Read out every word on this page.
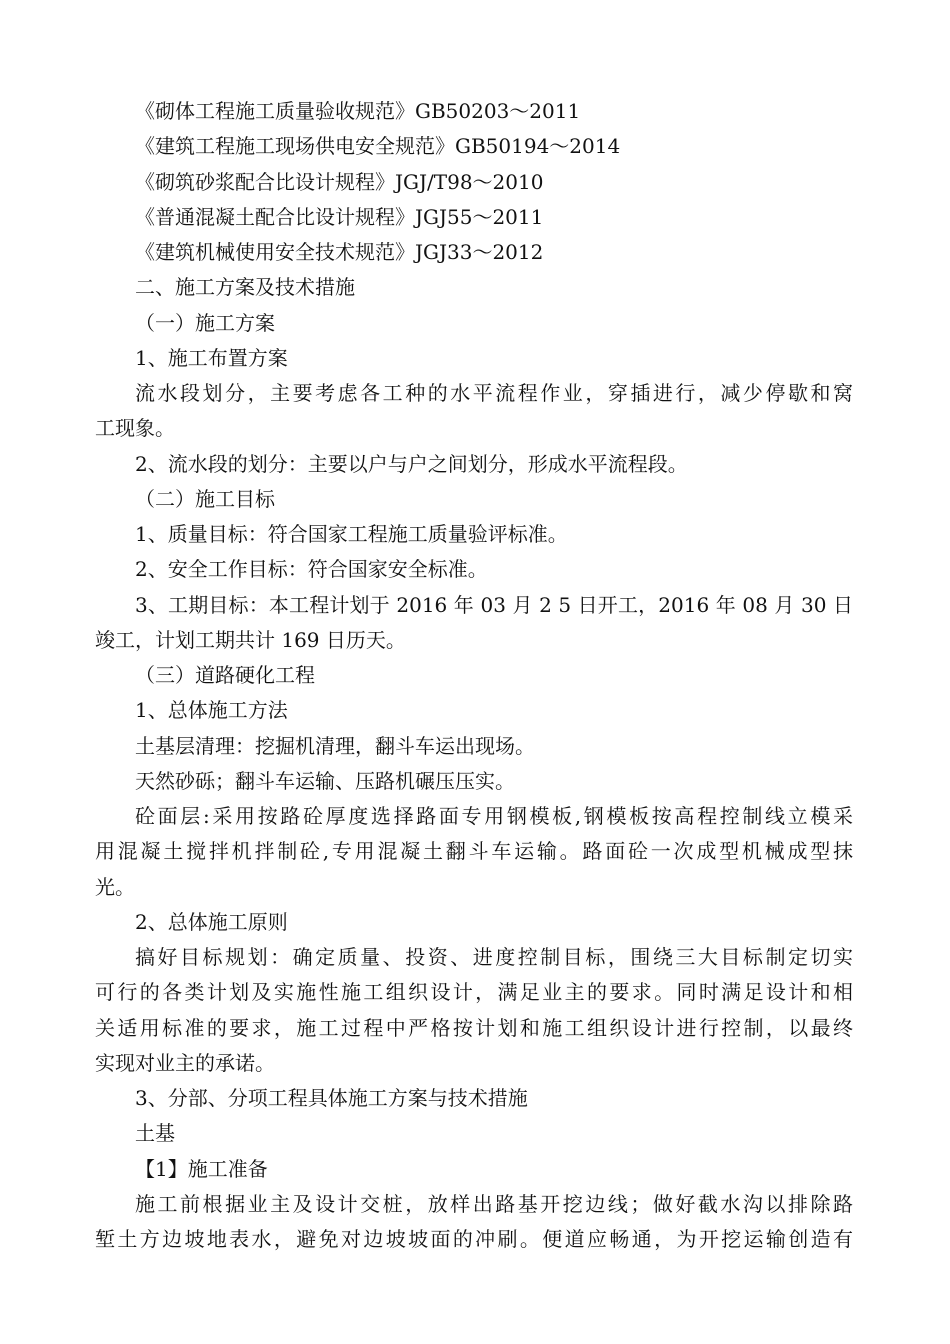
《砌体工程施工质量验收规范》GB50203～2011

《建筑工程施工现场供电安全规范》GB50194～2014

《砌筑砂浆配合比设计规程》JGJ/T98～2010

《普通混凝土配合比设计规程》JGJ55～2011

《建筑机械使用安全技术规范》JGJ33～2012

二、施工方案及技术措施

（一）施工方案

1、施工布置方案

流水段划分，主要考虑各工种的水平流程作业，穿插进行，减少停歇和窝

工现象。

2、流水段的划分：主要以户与户之间划分，形成水平流程段。

（二）施工目标

1、质量目标：符合国家工程施工质量验评标准。

2、安全工作目标：符合国家安全标准。

3、工期目标：本工程计划于 2016 年 03 月 2 5 日开工，2016 年 08 月 30 日

竣工，计划工期共计 169 日历天。

（三）道路硬化工程

1、总体施工方法

土基层清理：挖掘机清理，翻斗车运出现场。

天然砂砾；翻斗车运输、压路机碾压压实。

砼面层:采用按路砼厚度选择路面专用钢模板,钢模板按高程控制线立模采

用混凝土搅拌机拌制砼,专用混凝土翻斗车运输。路面砼一次成型机械成型抹

光。

2、总体施工原则

搞好目标规划：确定质量、投资、进度控制目标，围绕三大目标制定切实

可行的各类计划及实施性施工组织设计，满足业主的要求。同时满足设计和相

关适用标准的要求，施工过程中严格按计划和施工组织设计进行控制，以最终

实现对业主的承诺。

3、分部、分项工程具体施工方案与技术措施

土基

【1】施工准备

施工前根据业主及设计交桩，放样出路基开挖边线；做好截水沟以排除路

堑土方边坡地表水，避免对边坡坡面的冲刷。便道应畅通，为开挖运输创造有
